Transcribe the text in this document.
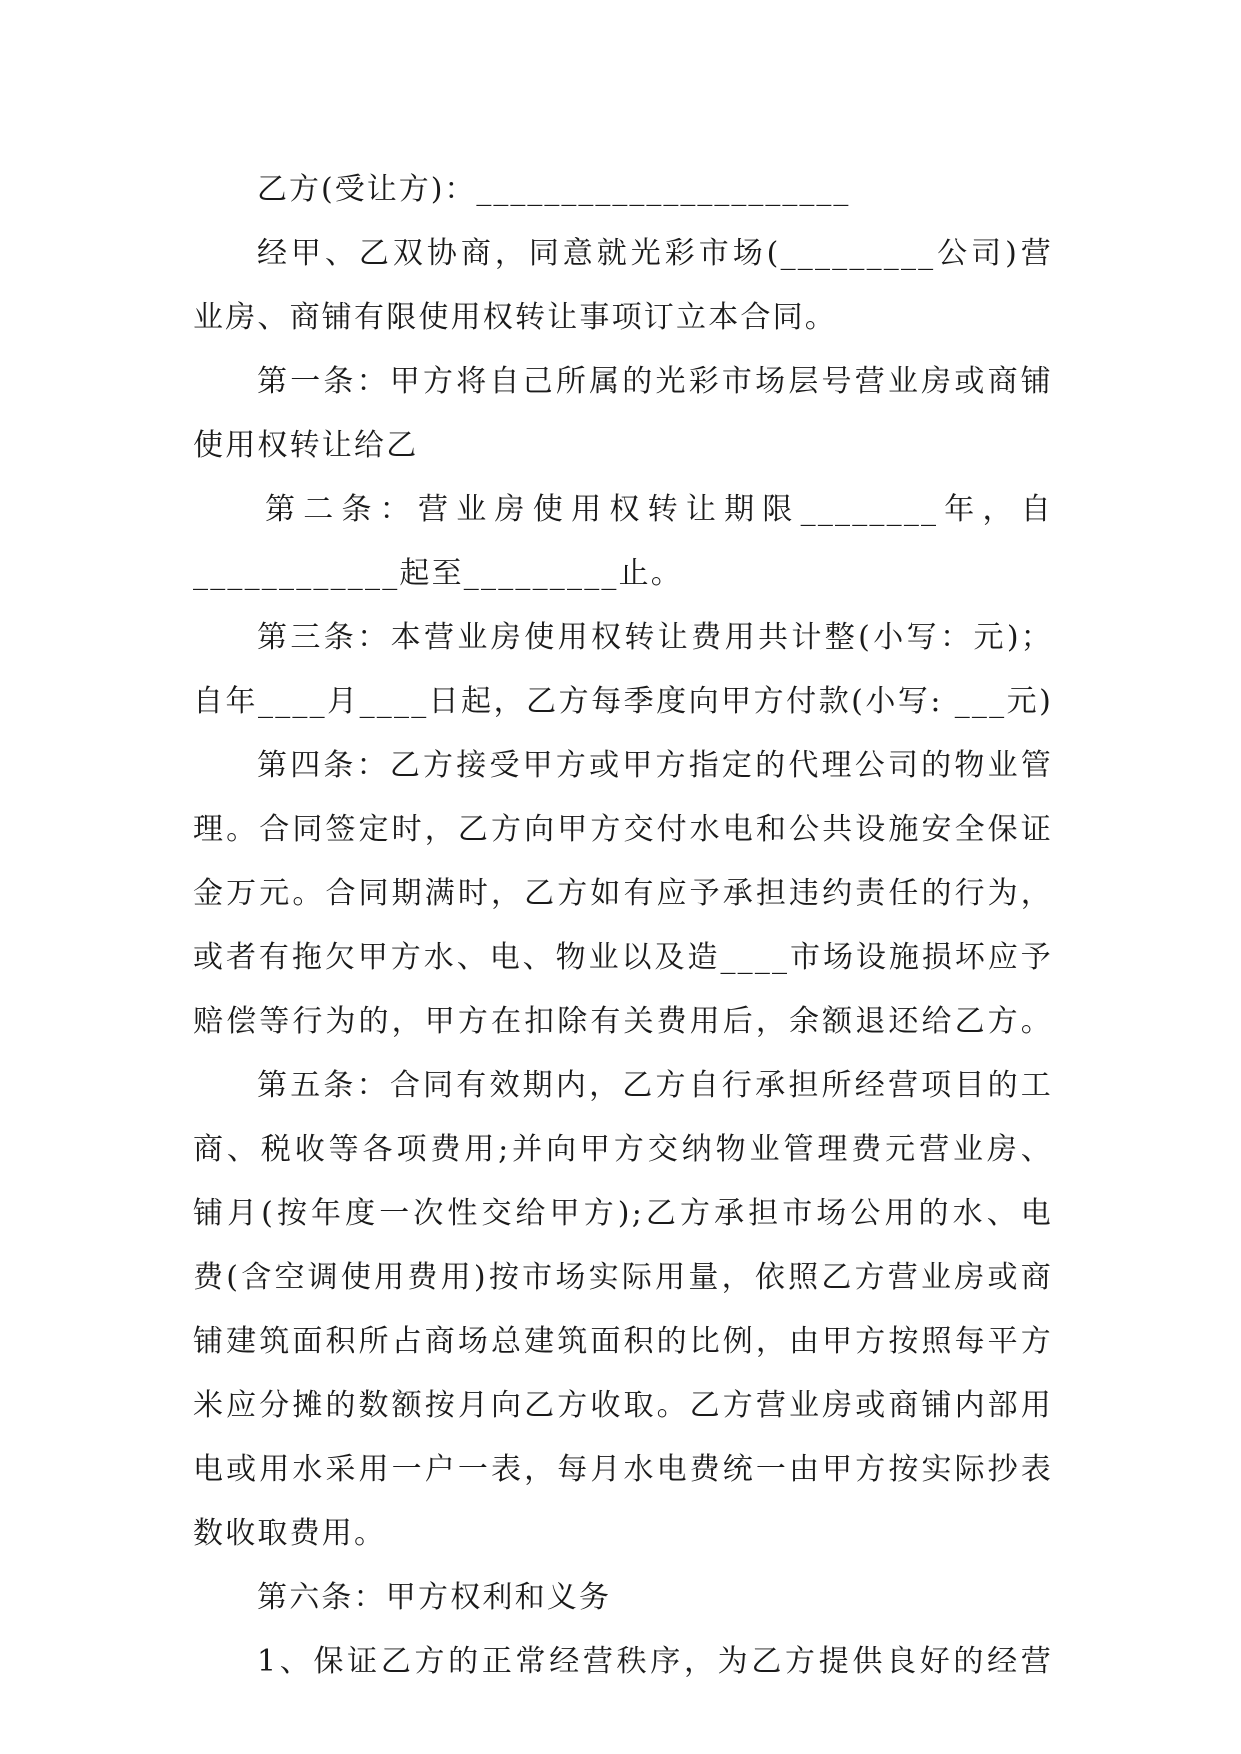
乙方(受让方)：______________________
经甲、乙双协商，同意就光彩市场(_________公司)营
业房、商铺有限使用权转让事项订立本合同。
第一条：甲方将自己所属的光彩市场层号营业房或商铺
使用权转让给乙
第二条：营业房使用权转让期限________年，自
____________起至_________止。
第三条：本营业房使用权转让费用共计整(小写：元)；
自年____月____日起，乙方每季度向甲方付款(小写: ___元)
第四条：乙方接受甲方或甲方指定的代理公司的物业管
理。合同签定时，乙方向甲方交付水电和公共设施安全保证
金万元。合同期满时，乙方如有应予承担违约责任的行为，
或者有拖欠甲方水、电、物业以及造____市场设施损坏应予
赔偿等行为的，甲方在扣除有关费用后，余额退还给乙方。
第五条：合同有效期内，乙方自行承担所经营项目的工
商、税收等各项费用;并向甲方交纳物业管理费元营业房、
铺月(按年度一次性交给甲方);乙方承担市场公用的水、电
费(含空调使用费用)按市场实际用量，依照乙方营业房或商
铺建筑面积所占商场总建筑面积的比例，由甲方按照每平方
米应分摊的数额按月向乙方收取。乙方营业房或商铺内部用
电或用水采用一户一表，每月水电费统一由甲方按实际抄表
数收取费用。
第六条：甲方权利和义务
1、保证乙方的正常经营秩序，为乙方提供良好的经营
